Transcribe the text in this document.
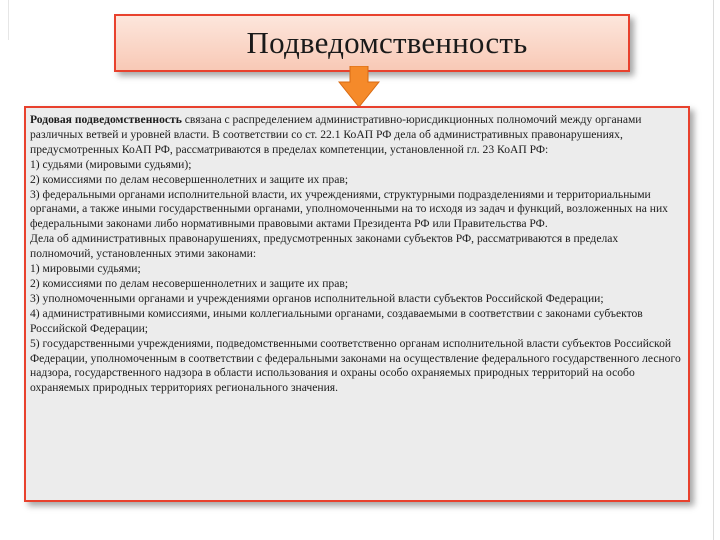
Подведомственность

Родовая подведомственность связана с распределением административно-юрисдикционных полномочий между органами различных ветвей и уровней власти. В соответствии со ст. 22.1 КоАП РФ дела об административных правонарушениях, предусмотренных КоАП РФ, рассматриваются в пределах компетенции, установленной гл. 23 КоАП РФ:

1) судьями (мировыми судьями);

2) комиссиями по делам несовершеннолетних и защите их прав;

3) федеральными органами исполнительной власти, их учреждениями, структурными подразделениями и территориальными органами, а также иными государственными органами, уполномоченными на то исходя из задач и функций, возложенных на них федеральными законами либо нормативными правовыми актами Президента РФ или Правительства РФ.

Дела об административных правонарушениях, предусмотренных законами субъектов РФ, рассматриваются в пределах полномочий, установленных этими законами:

1) мировыми судьями;

2) комиссиями по делам несовершеннолетних и защите их прав;

3) уполномоченными органами и учреждениями органов исполнительной власти субъектов Российской Федерации;

4) административными комиссиями, иными коллегиальными органами, создаваемыми в соответствии с законами субъектов Российской Федерации;

5) государственными учреждениями, подведомственными соответственно органам исполнительной власти субъектов Российской Федерации, уполномоченным в соответствии с федеральными законами на осуществление федерального государственного лесного надзора, государственного надзора в области использования и охраны особо охраняемых природных территорий на особо охраняемых природных территориях регионального значения.
